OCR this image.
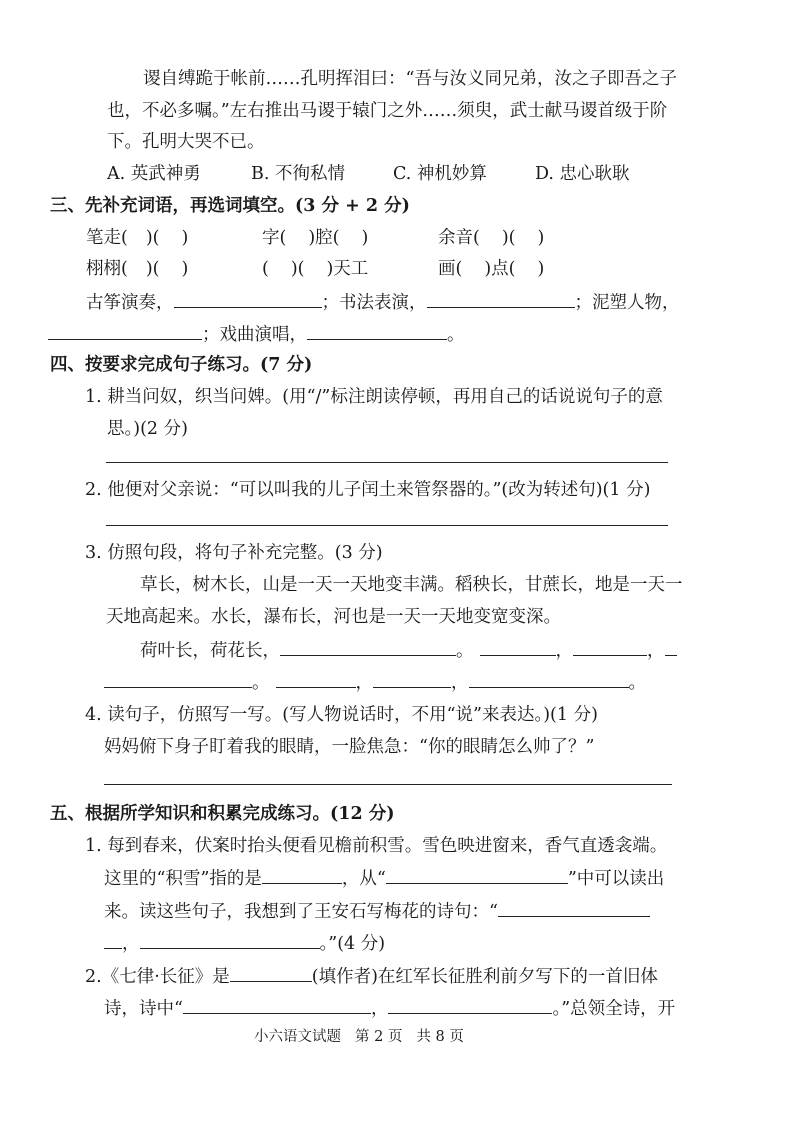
谡自缚跪于帐前……孔明挥泪曰：“吾与汝义同兄弟，汝之子即吾之子
也，不必多嘱。”左右推出马谡于辕门之外……须臾，武士献马谡首级于阶
下。孔明大哭不已。
A. 英武神勇	B. 不徇私情	C. 神机妙算	D. 忠心耿耿
三、先补充词语，再选词填空。(3 分 + 2 分)
笔走( )( )	字( )腔( )	余音( )( )
栩栩( )( )	( )( )天工	画( )点( )
古筝演奏，	；书法表演，	；泥塑人物，
；戏曲演唱，	。
四、按要求完成句子练习。(7 分)
1. 耕当问奴，织当问婢。(用“/”标注朗读停顿，再用自己的话说说句子的意
思。)(2 分)
2. 他便对父亲说：“可以叫我的儿子闰土来管祭器的。”(改为转述句)(1 分)
3. 仿照句段，将句子补充完整。(3 分)
草长，树木长，山是一天一天地变丰满。稻秧长，甘蔗长，地是一天一
天地高起来。水长，瀑布长，河也是一天一天地变宽变深。
荷叶长，荷花长，	。	，	，
。	，	，	。
4. 读句子，仿照写一写。(写人物说话时，不用“说”来表达。)(1 分)
妈妈俯下身子盯着我的眼睛，一脸焦急：“你的眼睛怎么帅了？”
五、根据所学知识和积累完成练习。(12 分)
1. 每到春来，伏案时抬头便看见檐前积雪。雪色映进窗来，香气直透衾端。
这里的“积雪”指的是	，从“	”中可以读出
来。读这些句子，我想到了王安石写梅花的诗句：“
，	。”(4 分)
2.《七律·长征》是	(填作者)在红军长征胜利前夕写下的一首旧体
诗，诗中“	，	。”总领全诗，开
小六语文试题 第 2 页 共 8 页
